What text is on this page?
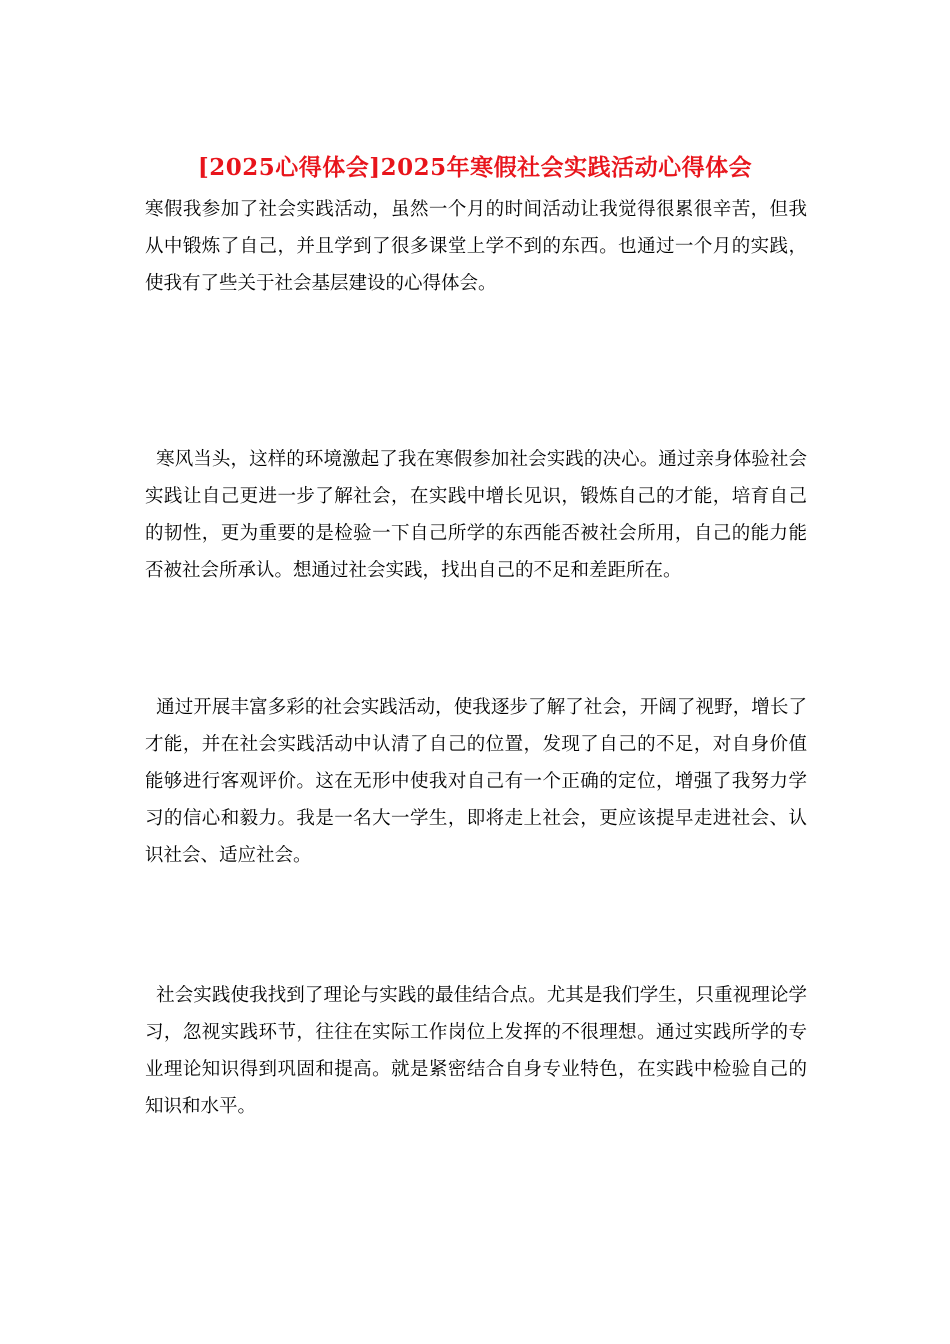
[2025心得体会]2025年寒假社会实践活动心得体会

寒假我参加了社会实践活动，虽然一个月的时间活动让我觉得很累很辛苦，但我从中锻炼了自己，并且学到了很多课堂上学不到的东西。也通过一个月的实践，使我有了些关于社会基层建设的心得体会。

寒风当头，这样的环境激起了我在寒假参加社会实践的决心。通过亲身体验社会实践让自己更进一步了解社会，在实践中增长见识，锻炼自己的才能，培育自己的韧性，更为重要的是检验一下自己所学的东西能否被社会所用，自己的能力能否被社会所承认。想通过社会实践，找出自己的不足和差距所在。

通过开展丰富多彩的社会实践活动，使我逐步了解了社会，开阔了视野，增长了才能，并在社会实践活动中认清了自己的位置，发现了自己的不足，对自身价值能够进行客观评价。这在无形中使我对自己有一个正确的定位，增强了我努力学习的信心和毅力。我是一名大一学生，即将走上社会，更应该提早走进社会、认识社会、适应社会。

社会实践使我找到了理论与实践的最佳结合点。尤其是我们学生，只重视理论学习，忽视实践环节，往往在实际工作岗位上发挥的不很理想。通过实践所学的专业理论知识得到巩固和提高。就是紧密结合自身专业特色，在实践中检验自己的知识和水平。
